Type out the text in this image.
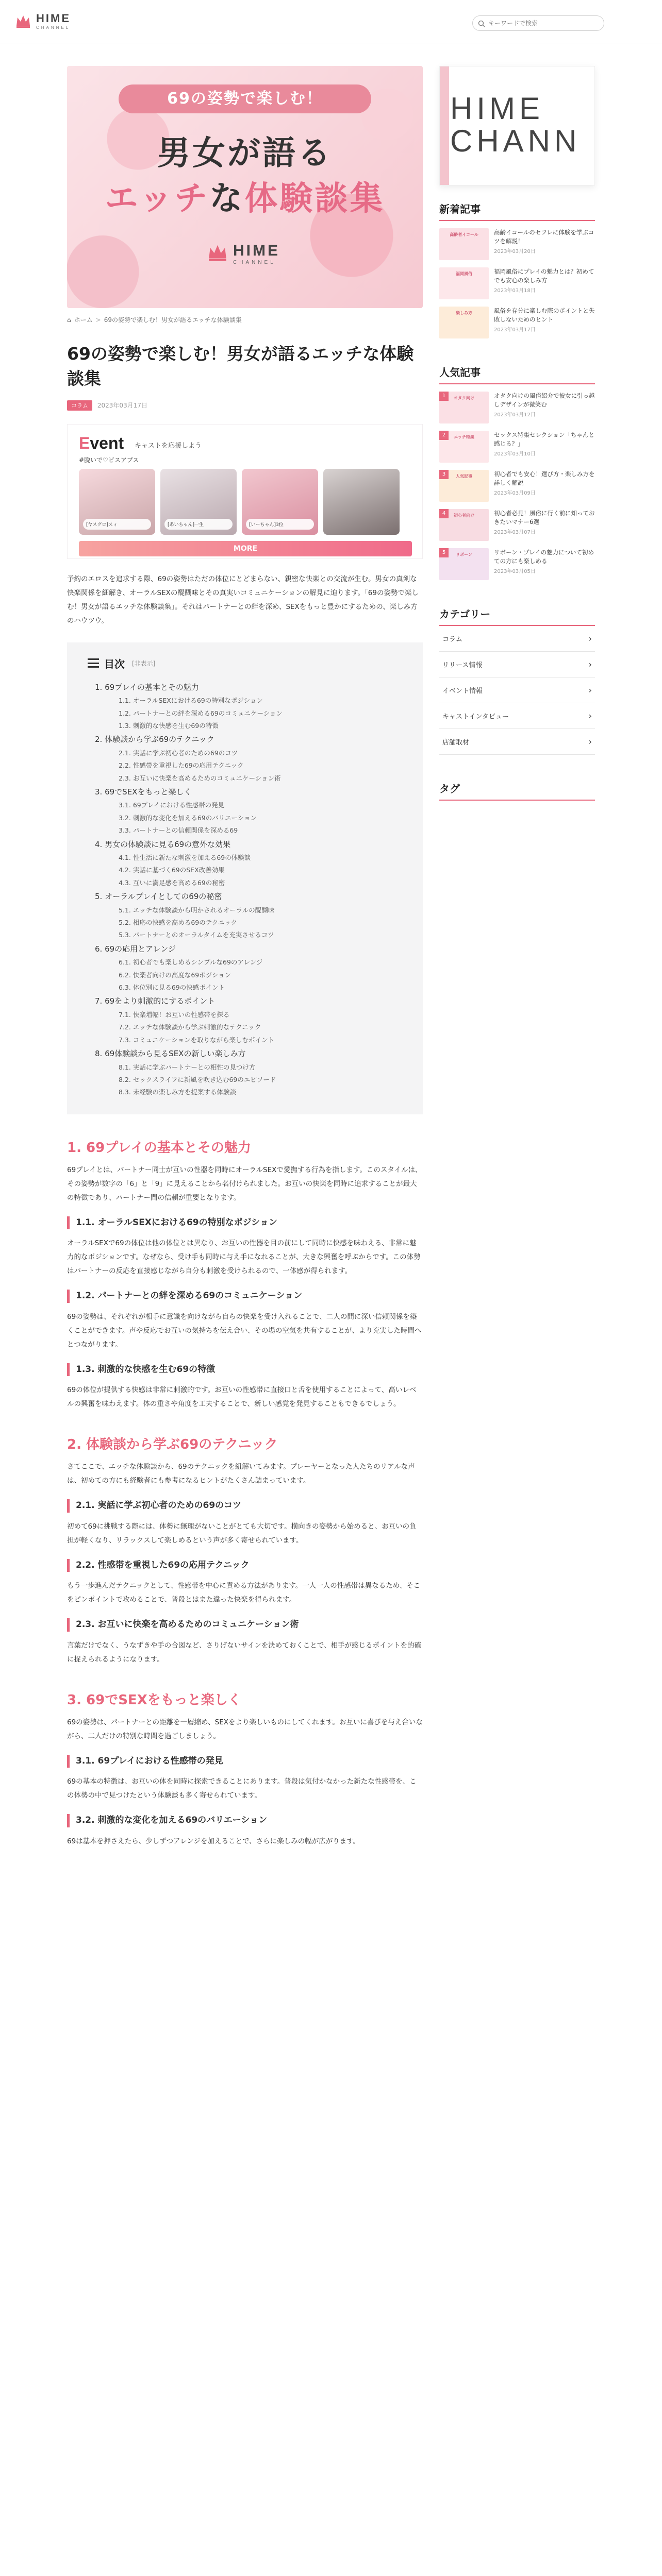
HIME
CHANNEL
キーワードで検索
69の姿勢で楽しむ！
男女が語る
エッチな体験談集
HIME
CHANNEL
⌂ ホーム > 69の姿勢で楽しむ！男女が語るエッチな体験談集
69の姿勢で楽しむ！男女が語るエッチな体験談集
コラム	2023年03月17日
Event キャストを応援しよう
#脱いで♡ビスアプス
[ヤスグロ]スィ	[あいちゃん]一生	[いーちゃん]3位
MORE

予約のエロスを追求する際、69の姿勢はただの体位にとどまらない、親密な快楽との交流が生む。男女の真剣な快楽関係を細解き、オーラルSEXの醍醐味とその真実いコミュニケーションの解見に迫ります。「69の姿勢で楽しむ！男女が語るエッチな体験談集」。それはパートナーとの絆を深め、SEXをもっと豊かにするための、楽しみ方のハウツウ。

目次 [非表示]
1. 69プレイの基本とその魅力
1.1. オーラルSEXにおける69の特別なポジション
1.2. パートナーとの絆を深める69のコミュニケーション
1.3. 刺激的な快感を生む69の特徴
2. 体験談から学ぶ69のテクニック
2.1. 実話に学ぶ初心者のための69のコツ
2.2. 性感帯を重視した69の応用テクニック
2.3. お互いに快楽を高めるためのコミュニケーション術
3. 69でSEXをもっと楽しく
3.1. 69プレイにおける性感帯の発見
3.2. 刺激的な変化を加える69のバリエーション
3.3. パートナーとの信頼関係を深める69
4. 男女の体験談に見る69の意外な効果
4.1. 性生活に新たな刺激を加える69の体験談
4.2. 実話に基づく69のSEX改善効果
4.3. 互いに満足感を高める69の秘密
5. オーラルプレイとしての69の秘密
5.1. エッチな体験談から明かされるオーラルの醍醐味
5.2. 相応の快感を高める69のテクニック
5.3. パートナーとのオーラルタイムを充実させるコツ
6. 69の応用とアレンジ
6.1. 初心者でも楽しめるシンプルな69のアレンジ
6.2. 快楽者向けの高度な69ポジション
6.3. 体位別に見る69の快感ポイント
7. 69をより刺激的にするポイント
7.1. 快楽増幅！お互いの性感帯を探る
7.2. エッチな体験談から学ぶ刺激的なテクニック
7.3. コミュニケーションを取りながら楽しむポイント
8. 69体験談から見るSEXの新しい楽しみ方
8.1. 実話に学ぶパートナーとの相性の見つけ方
8.2. セックスライフに新風を吹き込む69のエピソード
8.3. 未経験の楽しみ方を提案する体験談
1. 69プレイの基本とその魅力

69プレイとは、パートナー同士が互いの性器を同時にオーラルSEXで愛撫する行為を指します。このスタイルは、その姿勢が数字の「6」と「9」に見えることから名付けられました。お互いの快楽を同時に追求することが最大の特徴であり、パートナー間の信頼が重要となります。

1.1. オーラルSEXにおける69の特別なポジション

オーラルSEXで69の体位は他の体位とは異なり、お互いの性器を目の前にして同時に快感を味わえる、非常に魅力的なポジションです。なぜなら、受け手も同時に与え手になれることが、大きな興奮を呼ぶからです。この体勢はパートナーの反応を直接感じながら自分も刺激を受けられるので、一体感が得られます。

1.2. パートナーとの絆を深める69のコミュニケーション

69の姿勢は、それぞれが相手に意識を向けながら自らの快楽を受け入れることで、二人の間に深い信頼関係を築くことができます。声や反応でお互いの気持ちを伝え合い、その場の空気を共有することが、より充実した時間へとつながります。

1.3. 刺激的な快感を生む69の特徴

69の体位が提供する快感は非常に刺激的です。お互いの性感帯に直接口と舌を使用することによって、高いレベルの興奮を味わえます。体の重さや角度を工夫することで、新しい感覚を発見することもできるでしょう。

2. 体験談から学ぶ69のテクニック

さてここで、エッチな体験談から、69のテクニックを紐解いてみます。プレーヤーとなった人たちのリアルな声は、初めての方にも経験者にも参考になるヒントがたくさん詰まっています。

2.1. 実話に学ぶ初心者のための69のコツ

初めて69に挑戦する際には、体勢に無理がないことがとても大切です。横向きの姿勢から始めると、お互いの負担が軽くなり、リラックスして楽しめるという声が多く寄せられています。

2.2. 性感帯を重視した69の応用テクニック

もう一歩進んだテクニックとして、性感帯を中心に責める方法があります。一人一人の性感帯は異なるため、そこをピンポイントで攻めることで、普段とはまた違った快楽を得られます。

2.3. お互いに快楽を高めるためのコミュニケーション術

言葉だけでなく、うなずきや手の合図など、さりげないサインを決めておくことで、相手が感じるポイントを的確に捉えられるようになります。

3. 69でSEXをもっと楽しく

69の姿勢は、パートナーとの距離を一層縮め、SEXをより楽しいものにしてくれます。お互いに喜びを与え合いながら、二人だけの特別な時間を過ごしましょう。

3.1. 69プレイにおける性感帯の発見

69の基本の特徴は、お互いの体を同時に探索できることにあります。普段は気付かなかった新たな性感帯を、この体勢の中で見つけたという体験談も多く寄せられています。

3.2. 刺激的な変化を加える69のバリエーション

69は基本を押さえたら、少しずつアレンジを加えることで、さらに楽しみの幅が広がります。

HIME CHANN
新着記事
高齢者イコール	高齢イコールのセフレに体験を学ぶコツを解説！
2023年03月20日
福岡風俗	福岡風俗にプレイの魅力とは？初めてでも安心の楽しみ方
2023年03月18日
楽しみ方	風俗を存分に楽しむ際のポイントと失敗しないためのヒント
2023年03月17日
人気記事
オタク向け
1	オタク向けの風俗紹介で彼女に引っ越しデザインが微笑む
2023年03月12日
エッチ特集
2	セックス特集セレクション「ちゃんと感じる？」
2023年03月10日
人気記事
3	初心者でも安心！選び方・楽しみ方を詳しく解説
2023年03月09日
初心者向け
4	初心者必見！風俗に行く前に知っておきたいマナー6選
2023年03月07日
リボーン
5	リボーン・プレイの魅力について初めての方にも楽しめる
2023年03月05日
カテゴリー
コラム	›
リリース情報	›
イベント情報	›
キャストインタビュー	›
店舗取材	›
タグ
